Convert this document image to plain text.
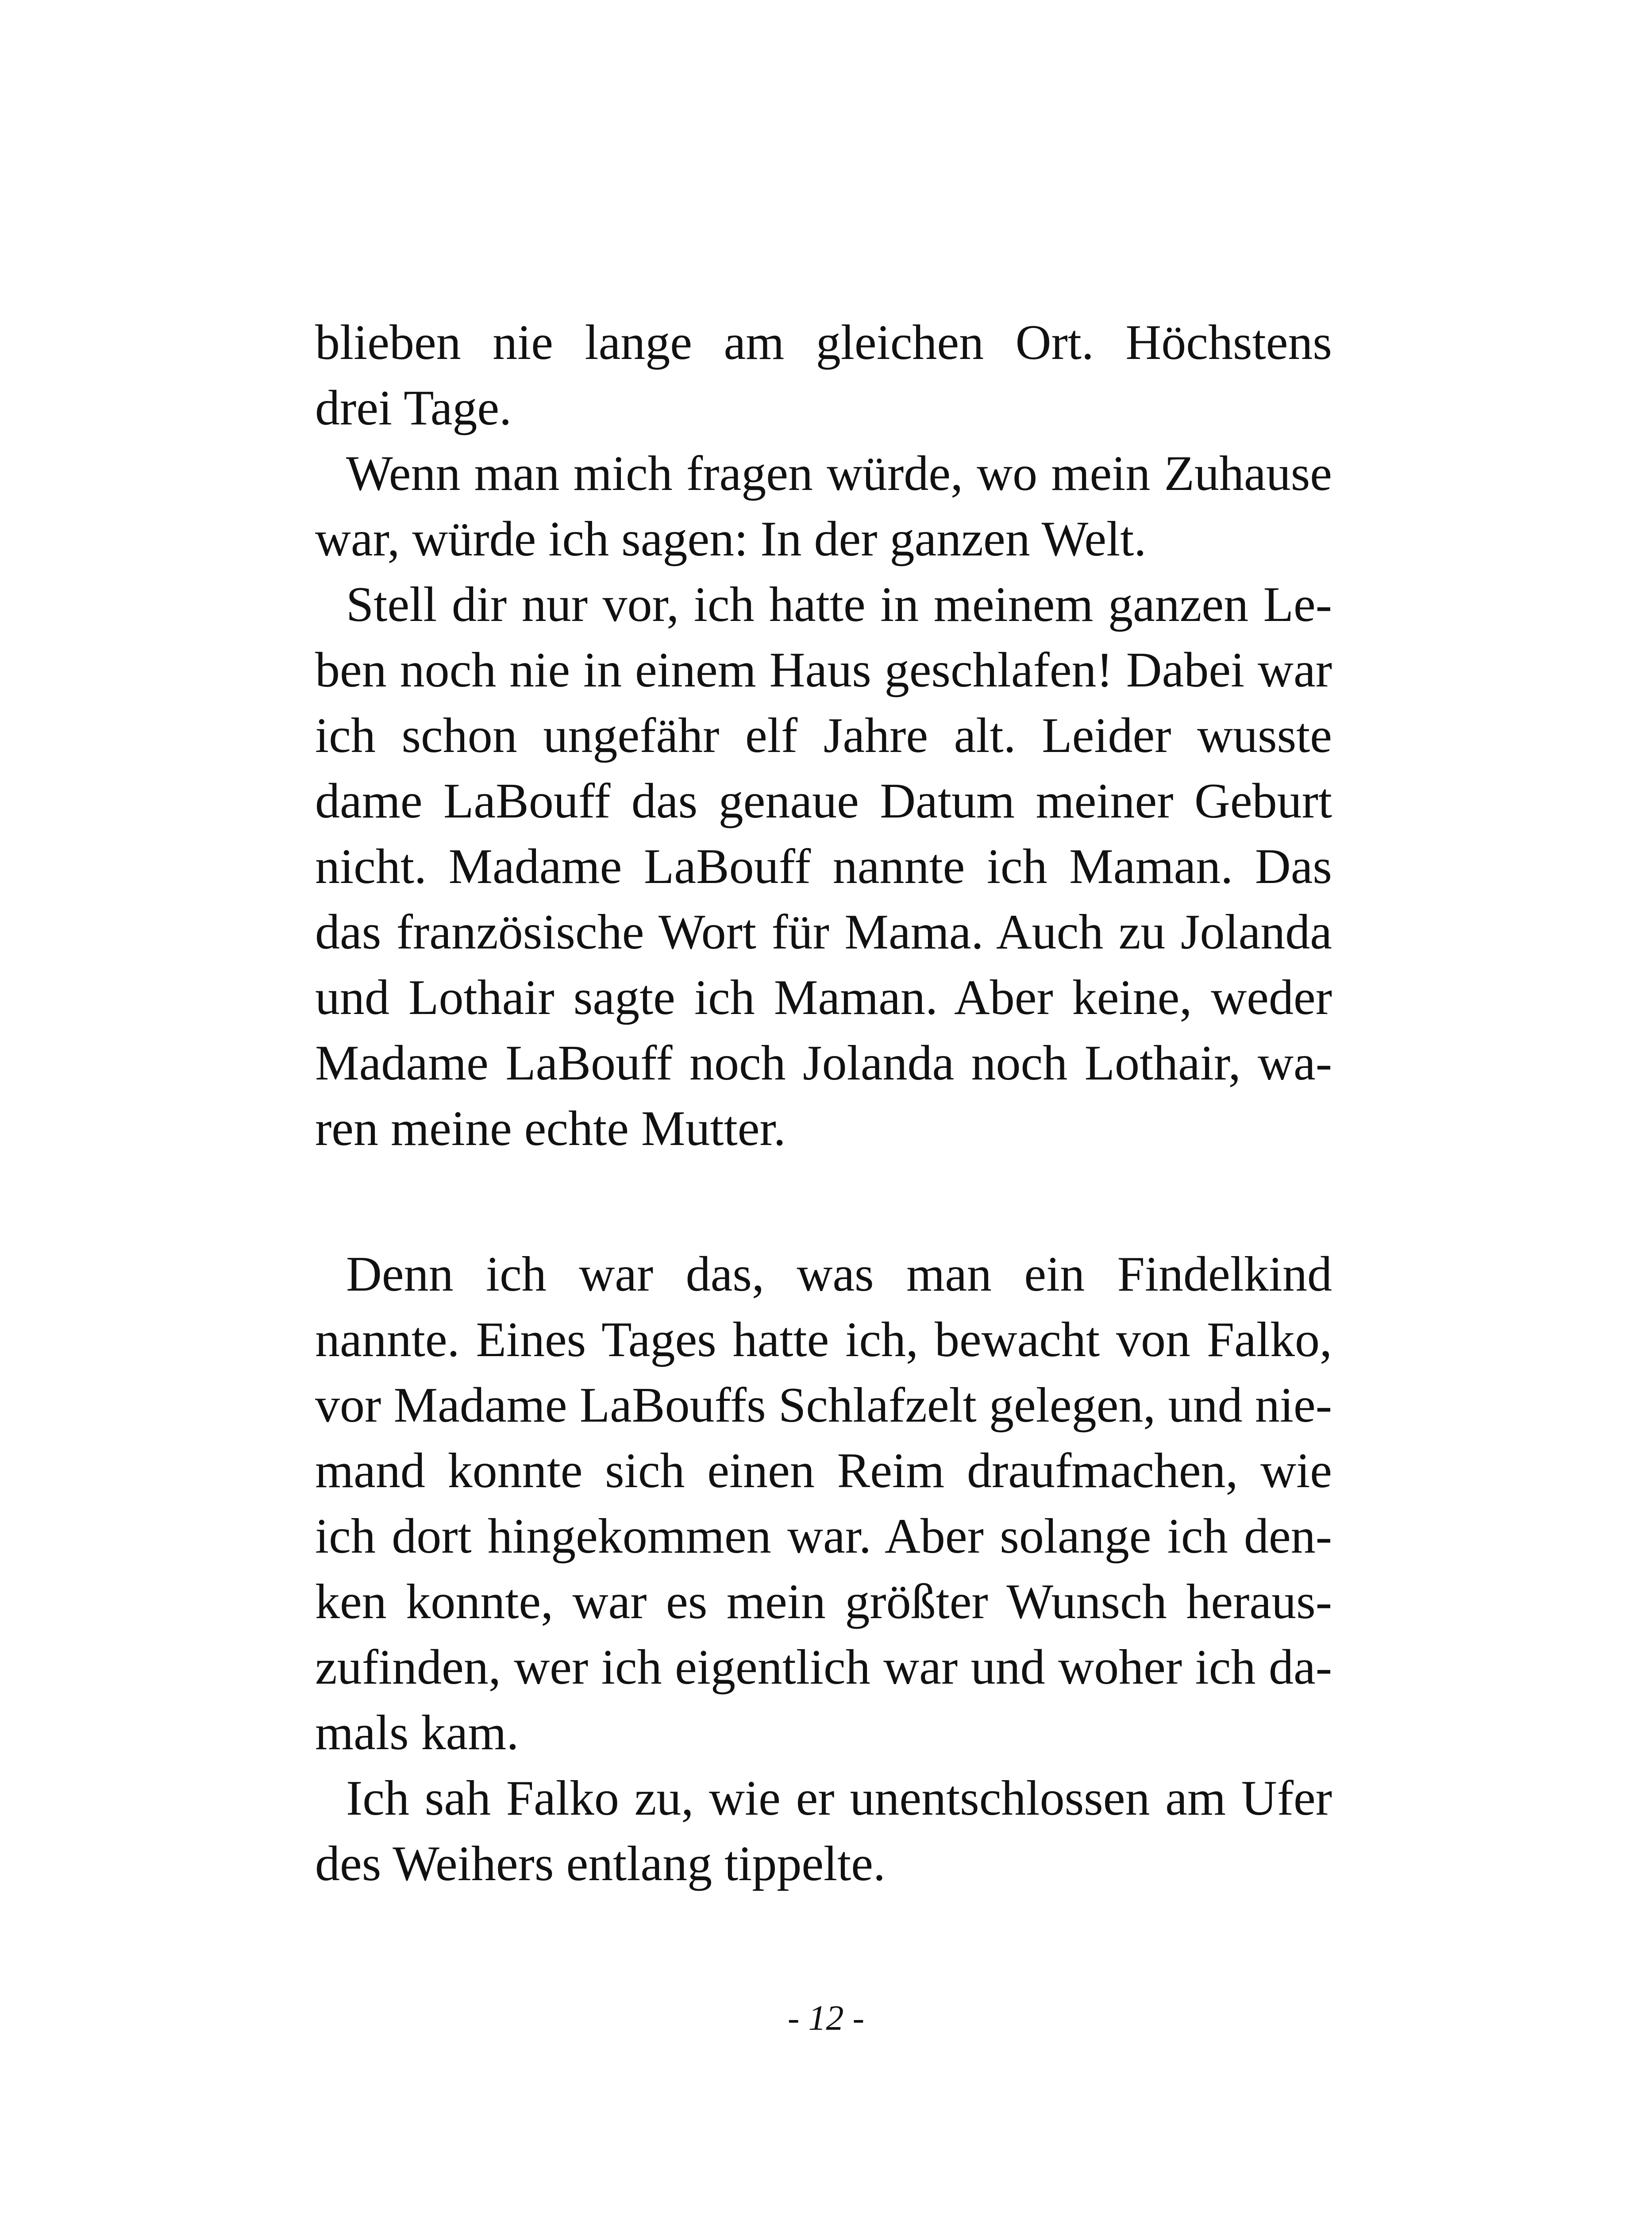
blieben nie lange am gleichen Ort. Höchstens
drei Tage.
Wenn man mich fragen würde, wo mein Zuhause
war, würde ich sagen: In der ganzen Welt.
Stell dir nur vor, ich hatte in meinem ganzen Le-
ben noch nie in einem Haus geschlafen! Dabei war
ich schon ungefähr elf Jahre alt. Leider wusste
dame LaBouff das genaue Datum meiner Geburt
nicht. Madame LaBouff nannte ich Maman. Das
das französische Wort für Mama. Auch zu Jolanda
und Lothair sagte ich Maman. Aber keine, weder
Madame LaBouff noch Jolanda noch Lothair, wa-
ren meine echte Mutter.
Denn ich war das, was man ein Findelkind
nannte. Eines Tages hatte ich, bewacht von Falko,
vor Madame LaBouffs Schlafzelt gelegen, und nie-
mand konnte sich einen Reim draufmachen, wie
ich dort hingekommen war. Aber solange ich den-
ken konnte, war es mein größter Wunsch heraus-
zufinden, wer ich eigentlich war und woher ich da-
mals kam.
Ich sah Falko zu, wie er unentschlossen am Ufer
des Weihers entlang tippelte.
- 12 -
